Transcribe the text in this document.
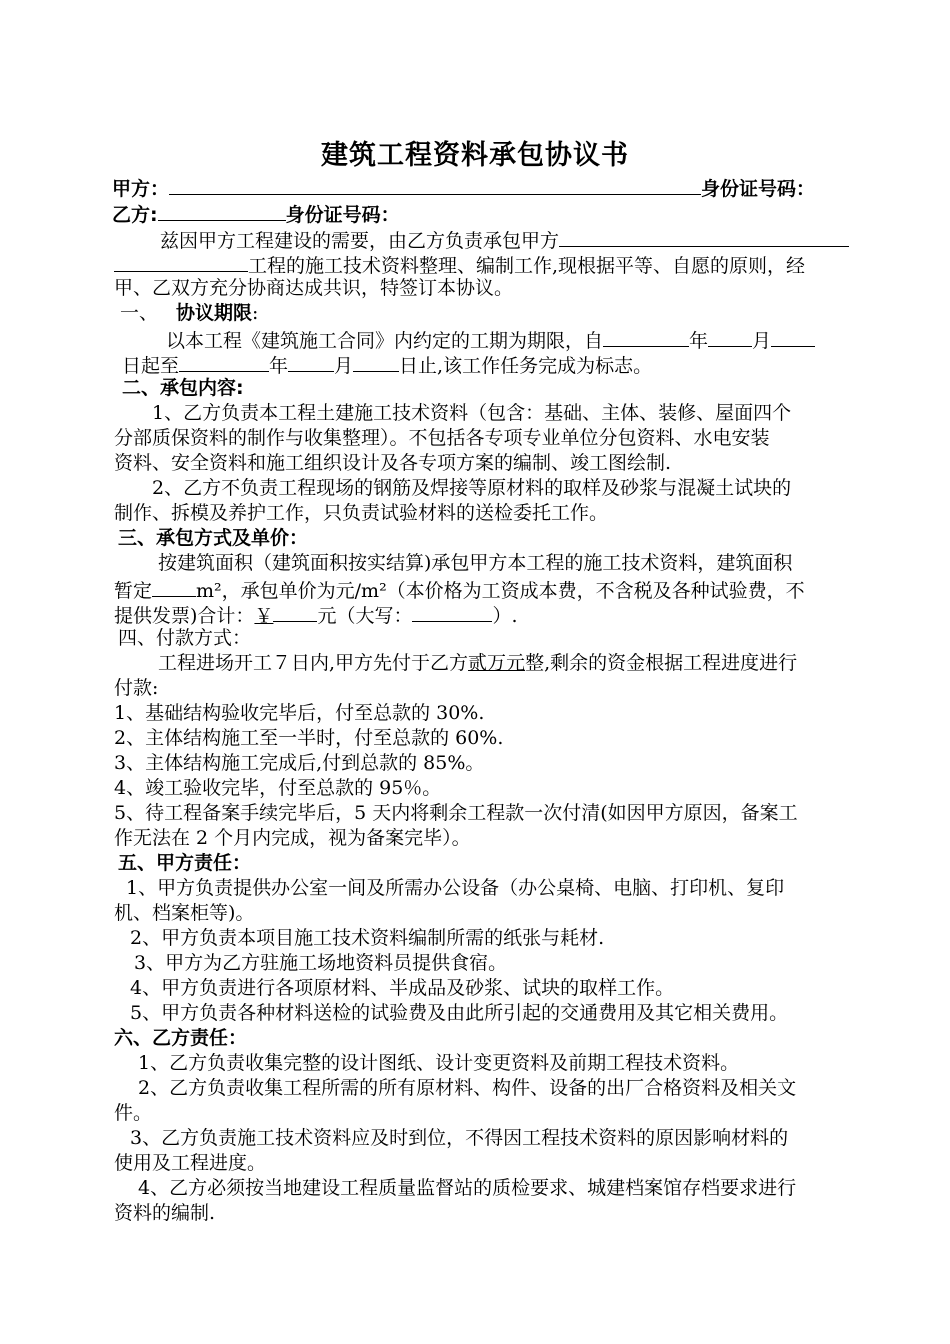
建筑工程资料承包协议书
甲方：	身份证号码：
乙方:	身份证号码：
兹因甲方工程建设的需要，由乙方负责承包甲方
工程的施工技术资料整理、编制工作,现根据平等、自愿的原则，经
甲、乙双方充分协商达成共识，特签订本协议。
一、 协议期限:
以本工程《建筑施工合同》内约定的工期为期限，自	年 月
日起至	年 月 日止,该工作任务完成为标志。
二、承包内容:
1、乙方负责本工程土建施工技术资料（包含：基础、主体、装修、屋面四个
分部质保资料的制作与收集整理）。不包括各专项专业单位分包资料、水电安装
资料、安全资料和施工组织设计及各专项方案的编制、竣工图绘制.
2、乙方不负责工程现场的钢筋及焊接等原材料的取样及砂浆与混凝土试块的
制作、拆模及养护工作，只负责试验材料的送检委托工作。
三、承包方式及单价：
按建筑面积（建筑面积按实结算)承包甲方本工程的施工技术资料，建筑面积
暂定 m²，承包单价为元/m²（本价格为工资成本费，不含税及各种试验费，不
提供发票)合计：￥ 元（大写：	）.
四、付款方式：
工程进场开工７日内,甲方先付于乙方贰万元整,剩余的资金根据工程进度进行
付款:
1、基础结构验收完毕后，付至总款的 30%.
2、主体结构施工至一半时，付至总款的 60%.
3、主体结构施工完成后,付到总款的 85%。
4、竣工验收完毕，付至总款的 95％。
5、待工程备案手续完毕后，5 天内将剩余工程款一次付清(如因甲方原因，备案工
作无法在 2 个月内完成，视为备案完毕）。
五、甲方责任：
1、甲方负责提供办公室一间及所需办公设备（办公桌椅、电脑、打印机、复印
机、档案柜等)。
2、甲方负责本项目施工技术资料编制所需的纸张与耗材.
3、甲方为乙方驻施工场地资料员提供食宿。
4、甲方负责进行各项原材料、半成品及砂浆、试块的取样工作。
5、甲方负责各种材料送检的试验费及由此所引起的交通费用及其它相关费用。
六、乙方责任：
1、乙方负责收集完整的设计图纸、设计变更资料及前期工程技术资料。
2、乙方负责收集工程所需的所有原材料、构件、设备的出厂合格资料及相关文
件。
3、乙方负责施工技术资料应及时到位，不得因工程技术资料的原因影响材料的
使用及工程进度。
4、乙方必须按当地建设工程质量监督站的质检要求、城建档案馆存档要求进行
资料的编制.
